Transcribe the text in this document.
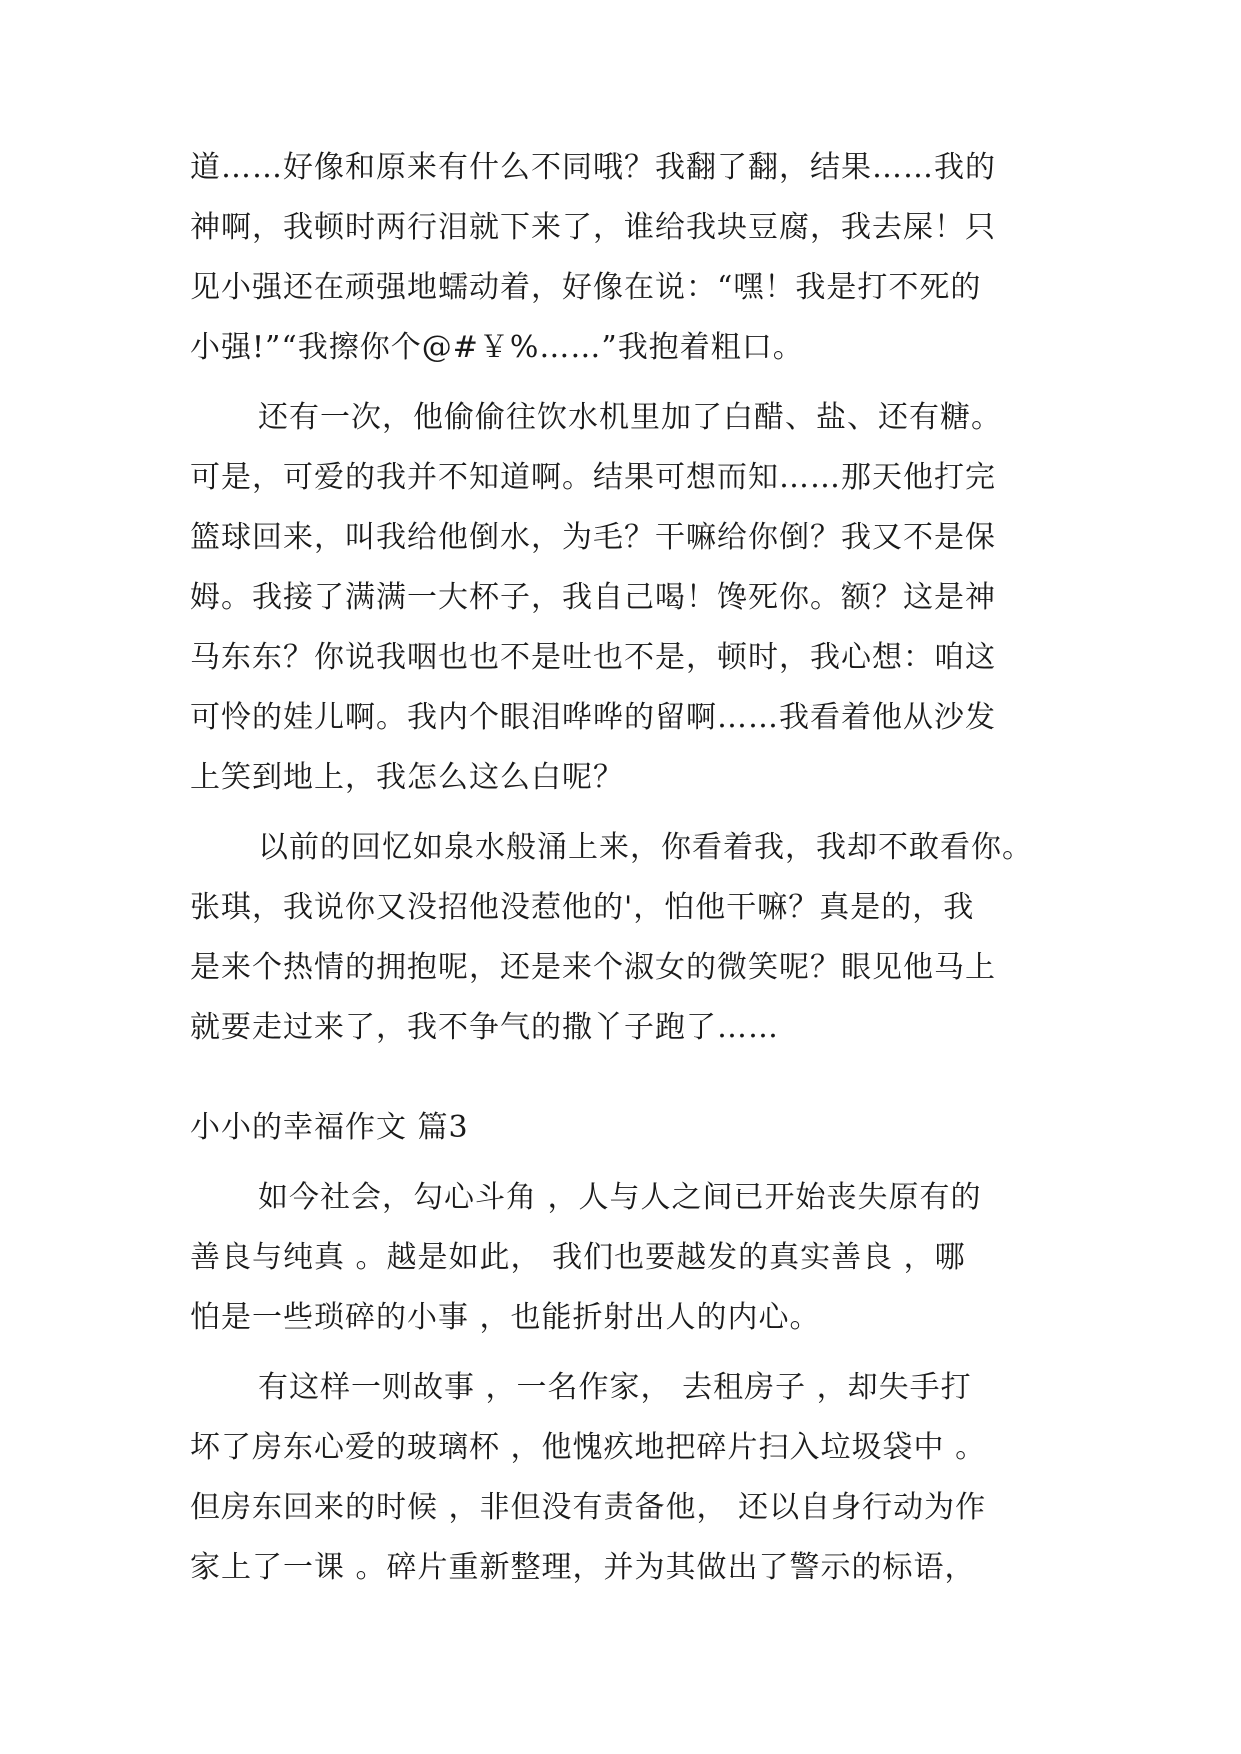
道……好像和原来有什么不同哦？我翻了翻，结果……我的
神啊，我顿时两行泪就下来了，谁给我块豆腐，我去屎！只
见小强还在顽强地蠕动着，好像在说：“嘿！我是打不死的
小强!”“我擦你个@#￥%……”我抱着粗口。
还有一次，他偷偷往饮水机里加了白醋、盐、还有糖。
可是，可爱的我并不知道啊。结果可想而知……那天他打完
篮球回来，叫我给他倒水，为毛？干嘛给你倒？我又不是保
姆。我接了满满一大杯子，我自己喝！馋死你。额？这是神
马东东？你说我咽也也不是吐也不是，顿时，我心想：咱这
可怜的娃儿啊。我内个眼泪哗哗的留啊……我看着他从沙发
上笑到地上，我怎么这么白呢？
以前的回忆如泉水般涌上来，你看着我，我却不敢看你。
张琪，我说你又没招他没惹他的'，怕他干嘛？真是的，我
是来个热情的拥抱呢，还是来个淑女的微笑呢？眼见他马上
就要走过来了，我不争气的撒丫子跑了……
小小的幸福作文 篇3
如今社会，勾心斗角 ，人与人之间已开始丧失原有的
善良与纯真 。越是如此， 我们也要越发的真实善良 ，哪
怕是一些琐碎的小事 ，也能折射出人的内心。
有这样一则故事 ，一名作家， 去租房子 ，却失手打
坏了房东心爱的玻璃杯 ，他愧疚地把碎片扫入垃圾袋中 。
但房东回来的时候 ，非但没有责备他， 还以自身行动为作
家上了一课 。碎片重新整理，并为其做出了警示的标语，
